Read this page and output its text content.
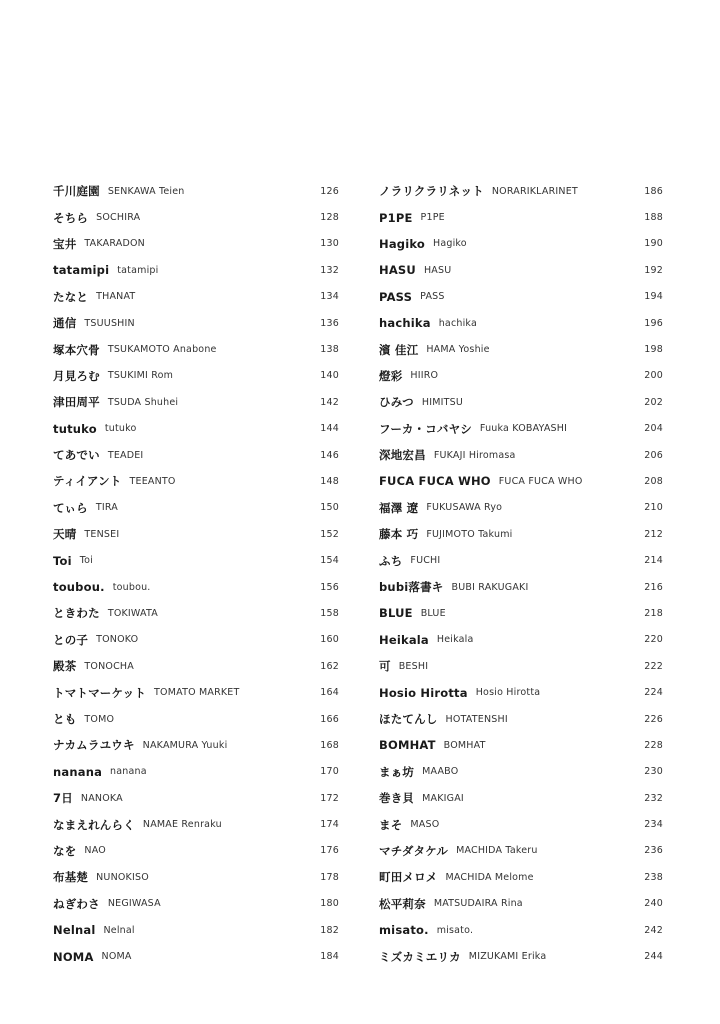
千川庭園 SENKAWA Teien	126
そちら SOCHIRA	128
宝井 TAKARADON	130
tatamipi tatamipi	132
たなと THANAT	134
通信 TSUUSHIN	136
塚本穴骨 TSUKAMOTO Anabone	138
月見ろむ TSUKIMI Rom	140
津田周平 TSUDA Shuhei	142
tutuko tutuko	144
てあでい TEADEI	146
ティイアント TEEANTO	148
てぃら TIRA	150
天晴 TENSEI	152
Toi Toi	154
toubou. toubou.	156
ときわた TOKIWATA	158
との子 TONOKO	160
殿茶 TONOCHA	162
トマトマーケット TOMATO MARKET	164
とも TOMO	166
ナカムラユウキ NAKAMURA Yuuki	168
nanana nanana	170
7日 NANOKA	172
なまえれんらく NAMAE Renraku	174
なを NAO	176
布基楚 NUNOKISO	178
ねぎわさ NEGIWASA	180
Nelnal Nelnal	182
NOMA NOMA	184
ノラリクラリネット NORARIKLARINET	186
P1PE P1PE	188
Hagiko Hagiko	190
HASU HASU	192
PASS PASS	194
hachika hachika	196
濱 佳江 HAMA Yoshie	198
燈彩 HIIRO	200
ひみつ HIMITSU	202
フーカ・コバヤシ Fuuka KOBAYASHI	204
深地宏昌 FUKAJI Hiromasa	206
FUCA FUCA WHO FUCA FUCA WHO	208
福澤 遼 FUKUSAWA Ryo	210
藤本 巧 FUJIMOTO Takumi	212
ふち FUCHI	214
bubi落書キ BUBI RAKUGAKI	216
BLUE BLUE	218
Heikala Heikala	220
可 BESHI	222
Hosio Hirotta Hosio Hirotta	224
ほたてんし HOTATENSHI	226
BOMHAT BOMHAT	228
まぁ坊 MAABO	230
巻き貝 MAKIGAI	232
まそ MASO	234
マチダタケル MACHIDA Takeru	236
町田メロメ MACHIDA Melome	238
松平莉奈 MATSUDAIRA Rina	240
misato. misato.	242
ミズカミエリカ MIZUKAMI Erika	244
